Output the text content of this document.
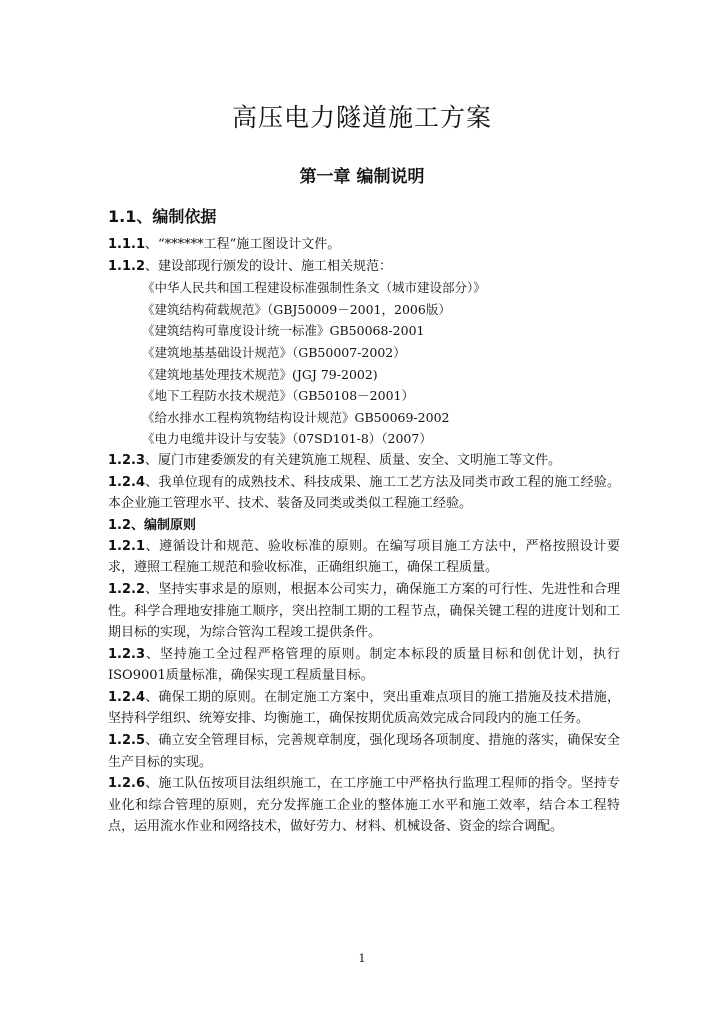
高压电力隧道施工方案
第一章 编制说明
1.1、编制依据

1.1.1、“******工程”施工图设计文件。

1.1.2、建设部现行颁发的设计、施工相关规范：

《中华人民共和国工程建设标准强制性条文（城市建设部分）》
《建筑结构荷载规范》（GBJ50009－2001，2006版）
《建筑结构可靠度设计统一标准》GB50068-2001
《建筑地基基础设计规范》（GB50007-2002）
《建筑地基处理技术规范》(JGJ 79-2002)
《地下工程防水技术规范》（GB50108－2001）
《给水排水工程构筑物结构设计规范》GB50069-2002
《电力电缆井设计与安装》（07SD101-8）（2007）

1.2.3、厦门市建委颁发的有关建筑施工规程、质量、安全、文明施工等文件。

1.2.4、我单位现有的成熟技术、科技成果、施工工艺方法及同类市政工程的施工经验。本企业施工管理水平、技术、装备及同类或类似工程施工经验。

1.2、编制原则

1.2.1、遵循设计和规范、验收标准的原则。在编写项目施工方法中，严格按照设计要求，遵照工程施工规范和验收标准，正确组织施工，确保工程质量。

1.2.2、坚持实事求是的原则，根据本公司实力，确保施工方案的可行性、先进性和合理性。科学合理地安排施工顺序，突出控制工期的工程节点，确保关键工程的进度计划和工期目标的实现，为综合管沟工程竣工提供条件。

1.2.3、坚持施工全过程严格管理的原则。制定本标段的质量目标和创优计划，执行ISO9001质量标准，确保实现工程质量目标。

1.2.4、确保工期的原则。在制定施工方案中，突出重难点项目的施工措施及技术措施，坚持科学组织、统筹安排、均衡施工，确保按期优质高效完成合同段内的施工任务。

1.2.5、确立安全管理目标，完善规章制度，强化现场各项制度、措施的落实，确保安全生产目标的实现。

1.2.6、施工队伍按项目法组织施工，在工序施工中严格执行监理工程师的指令。坚持专业化和综合管理的原则，充分发挥施工企业的整体施工水平和施工效率，结合本工程特点，运用流水作业和网络技术，做好劳力、材料、机械设备、资金的综合调配。

1
